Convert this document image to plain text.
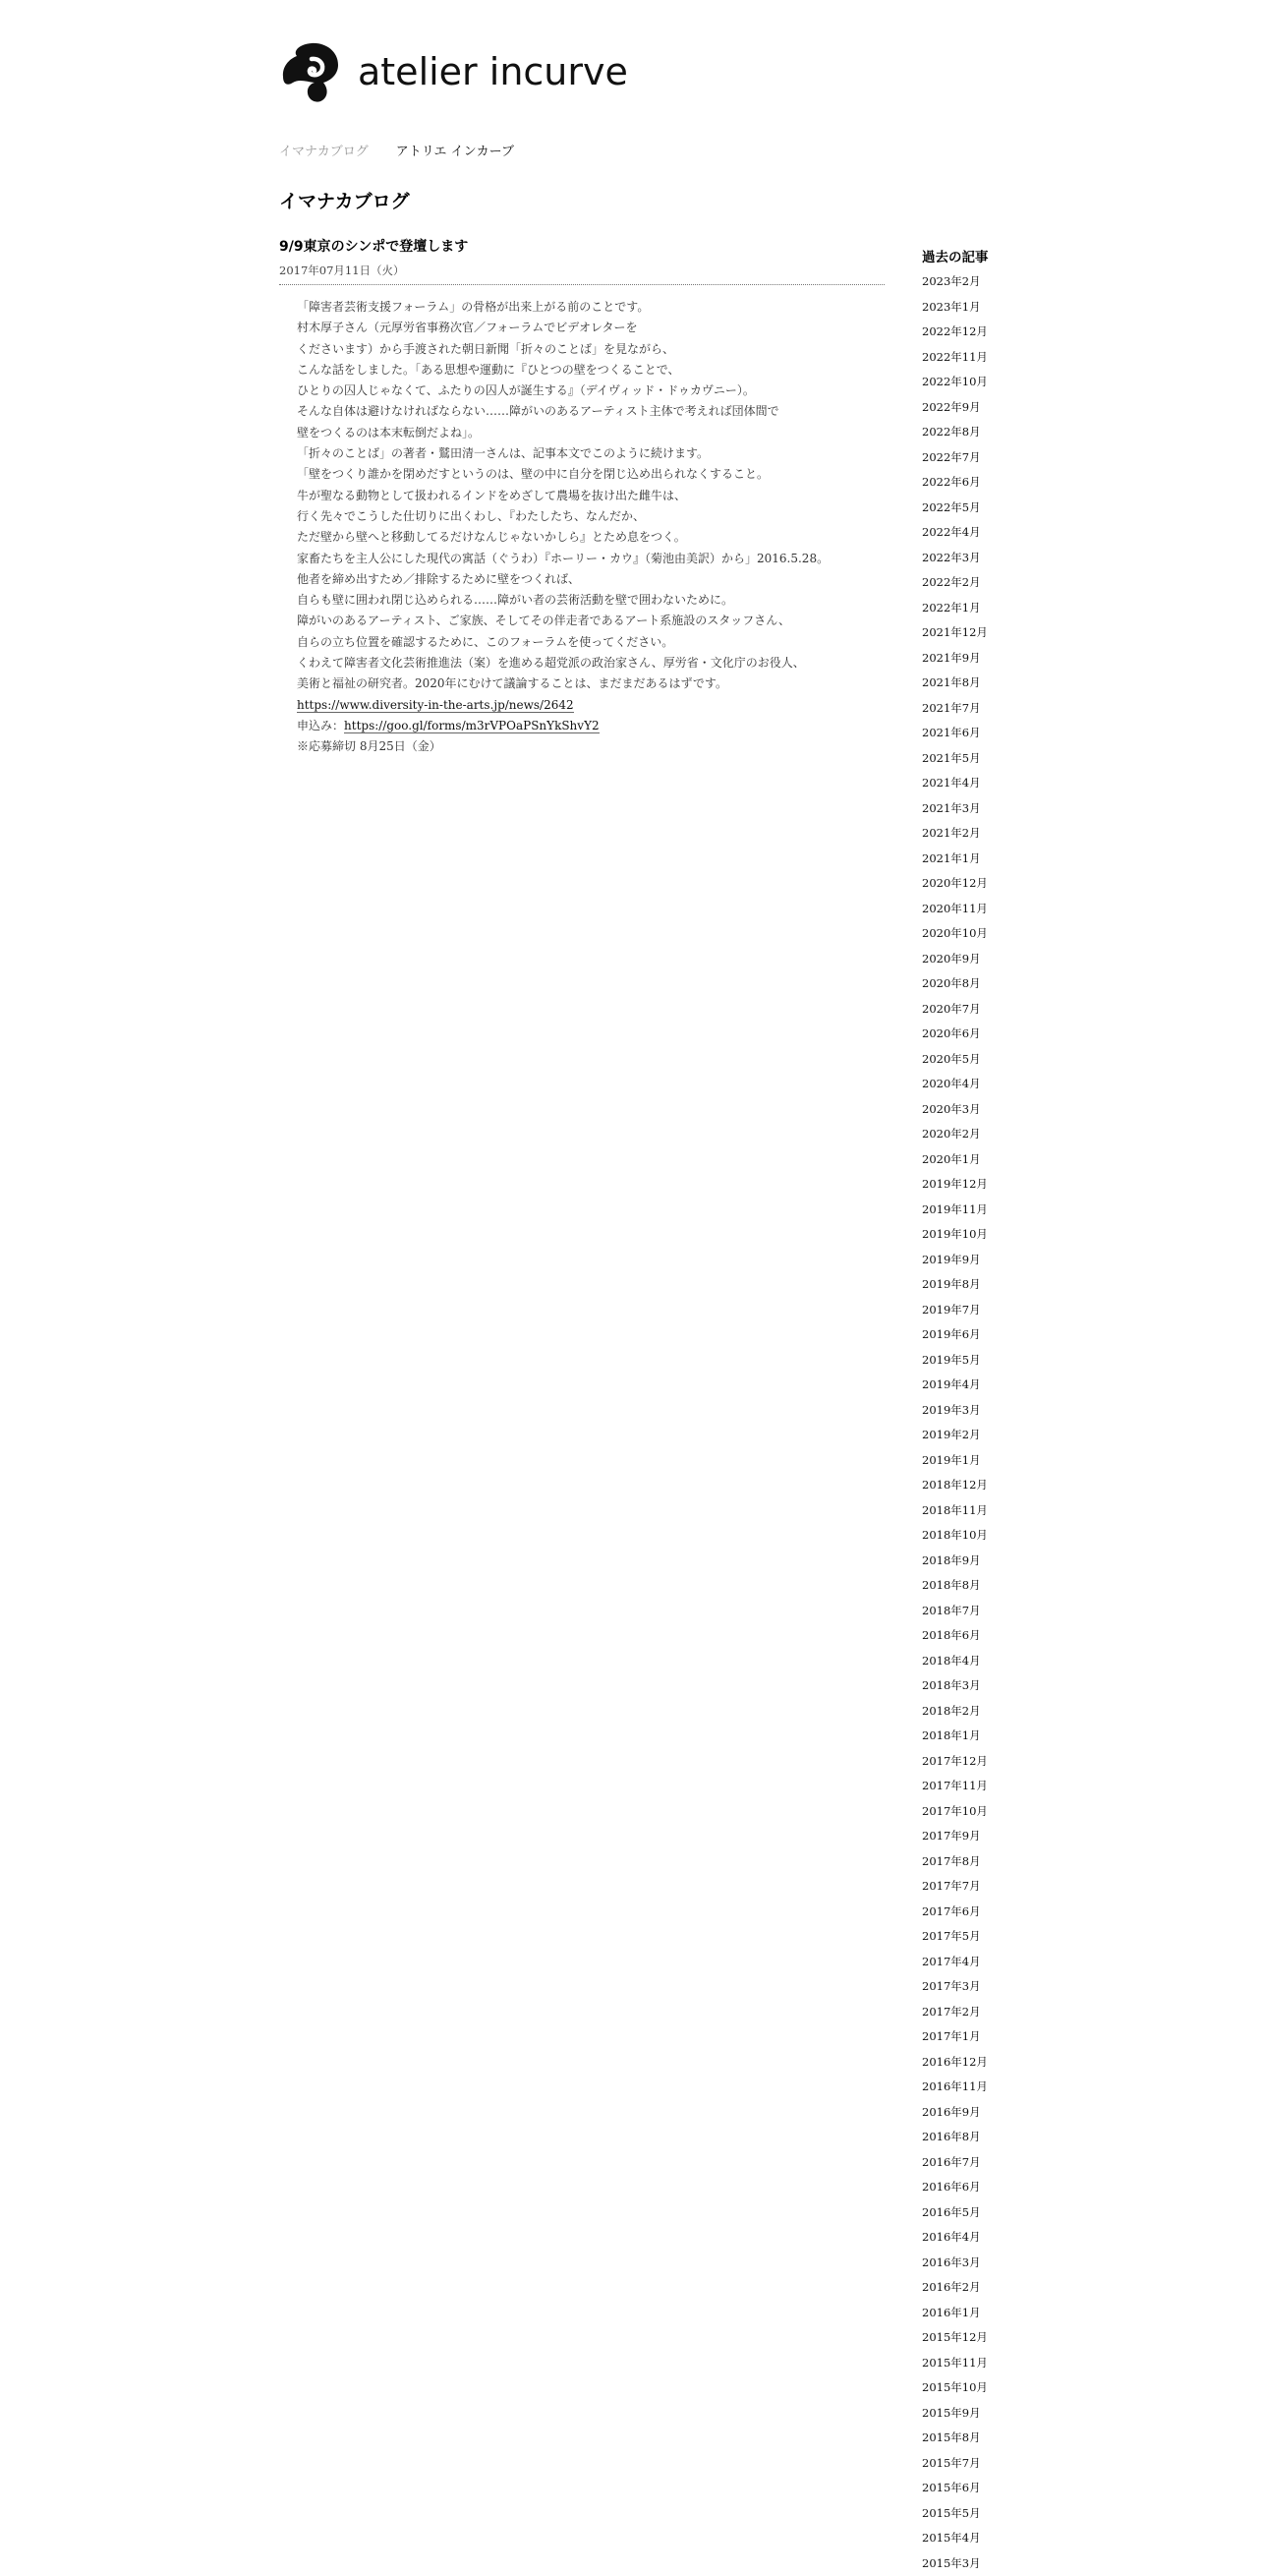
atelier incurve
イマナカブログ アトリエ インカーブ
イマナカブログ
9/9東京のシンポで登壇します
2017年07月11日（火）

「障害者芸術支援フォーラム」の骨格が出来上がる前のことです。

村木厚子さん（元厚労省事務次官／フォーラムでビデオレターを

くださいます）から手渡された朝日新聞「折々のことば」を見ながら、

こんな話をしました。「ある思想や運動に『ひとつの壁をつくることで、

ひとりの囚人じゃなくて、ふたりの囚人が誕生する』（デイヴィッド・ドゥカヴニー）。

そんな自体は避けなければならない……障がいのあるアーティスト主体で考えれば団体間で

壁をつくるのは本末転倒だよね」。

「折々のことば」の著者・鷲田清一さんは、記事本文でこのように続けます。

「壁をつくり誰かを閉めだすというのは、壁の中に自分を閉じ込め出られなくすること。

牛が聖なる動物として扱われるインドをめざして農場を抜け出た雌牛は、

行く先々でこうした仕切りに出くわし、『わたしたち、なんだか、

ただ壁から壁へと移動してるだけなんじゃないかしら』とため息をつく。

家畜たちを主人公にした現代の寓話（ぐうわ）『ホーリー・カウ』（菊池由美訳）から」2016.5.28。

他者を締め出すため／排除するために壁をつくれば、

自らも壁に囲われ閉じ込められる……障がい者の芸術活動を壁で囲わないために。

障がいのあるアーティスト、ご家族、そしてその伴走者であるアート系施設のスタッフさん、

自らの立ち位置を確認するために、このフォーラムを使ってください。

くわえて障害者文化芸術推進法（案）を進める超党派の政治家さん、厚労省・文化庁のお役人、

美術と福祉の研究者。2020年にむけて議論することは、まだまだあるはずです。

https://www.diversity-in-the-arts.jp/news/2642

申込み：https://goo.gl/forms/m3rVPOaPSnYkShvY2

※応募締切 8月25日（金）

過去の記事
2023年2月
2023年1月
2022年12月
2022年11月
2022年10月
2022年9月
2022年8月
2022年7月
2022年6月
2022年5月
2022年4月
2022年3月
2022年2月
2022年1月
2021年12月
2021年9月
2021年8月
2021年7月
2021年6月
2021年5月
2021年4月
2021年3月
2021年2月
2021年1月
2020年12月
2020年11月
2020年10月
2020年9月
2020年8月
2020年7月
2020年6月
2020年5月
2020年4月
2020年3月
2020年2月
2020年1月
2019年12月
2019年11月
2019年10月
2019年9月
2019年8月
2019年7月
2019年6月
2019年5月
2019年4月
2019年3月
2019年2月
2019年1月
2018年12月
2018年11月
2018年10月
2018年9月
2018年8月
2018年7月
2018年6月
2018年4月
2018年3月
2018年2月
2018年1月
2017年12月
2017年11月
2017年10月
2017年9月
2017年8月
2017年7月
2017年6月
2017年5月
2017年4月
2017年3月
2017年2月
2017年1月
2016年12月
2016年11月
2016年9月
2016年8月
2016年7月
2016年6月
2016年5月
2016年4月
2016年3月
2016年2月
2016年1月
2015年12月
2015年11月
2015年10月
2015年9月
2015年8月
2015年7月
2015年6月
2015年5月
2015年4月
2015年3月
